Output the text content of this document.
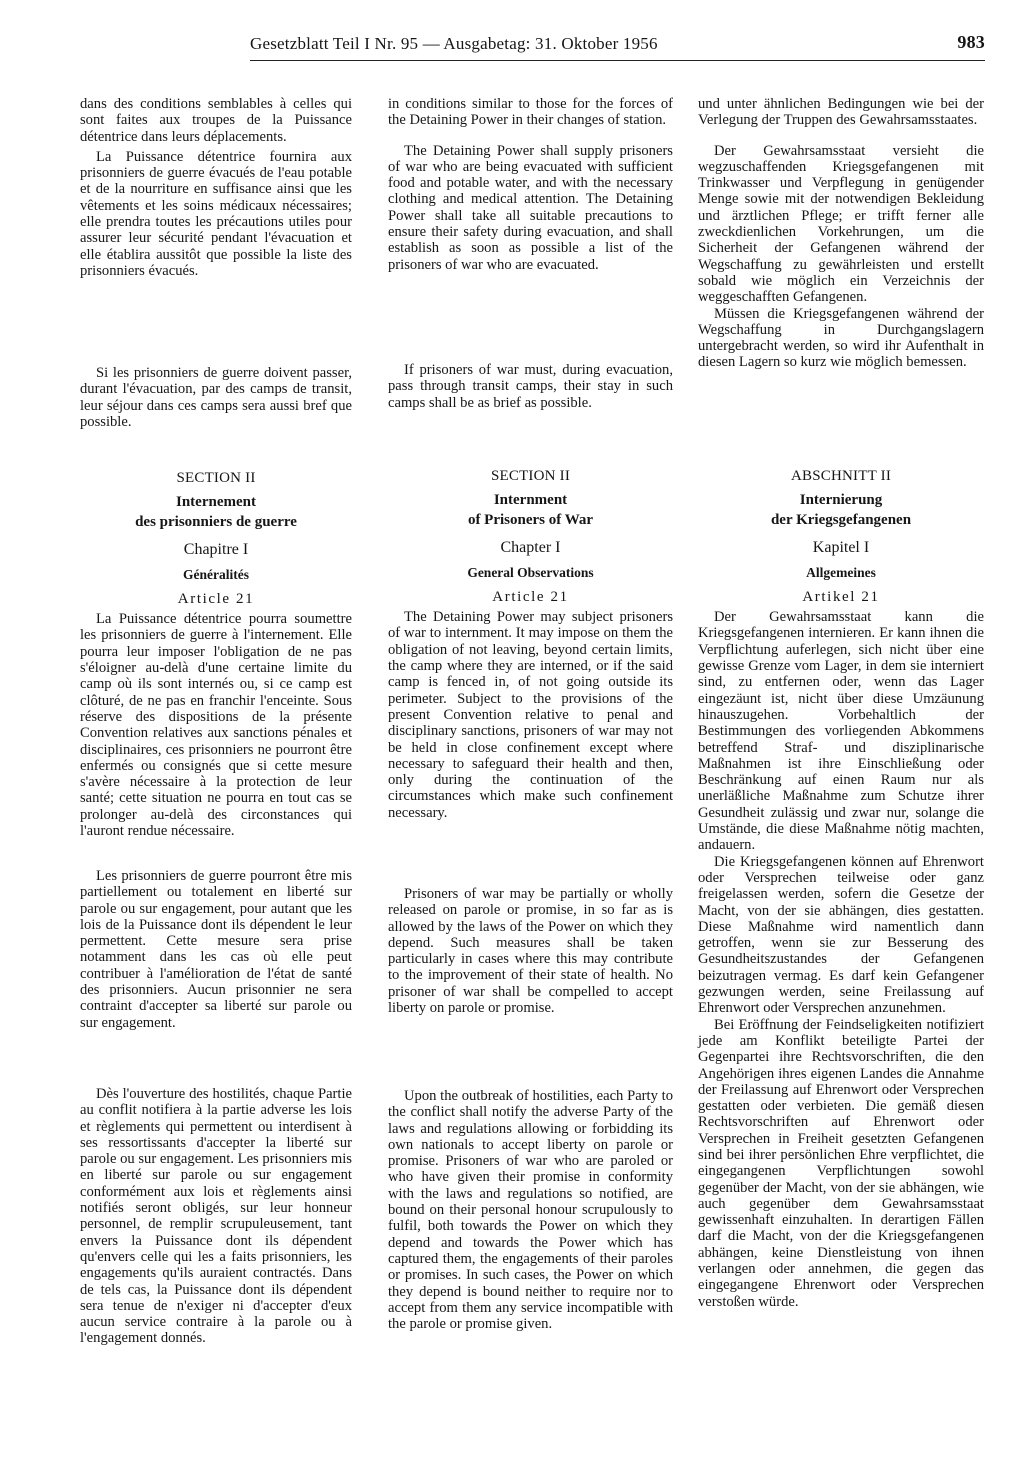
Gesetzblatt Teil I Nr. 95 — Ausgabetag: 31. Oktober 1956	983

dans des conditions semblables à celles qui sont faites aux troupes de la Puissance détentrice dans leurs déplacements.

La Puissance détentrice fournira aux prisonniers de guerre évacués de l'eau potable et de la nourriture en suffisance ainsi que les vêtements et les soins médicaux nécessaires; elle prendra toutes les précautions utiles pour assurer leur sécurité pendant l'évacuation et elle établira aussitôt que possible la liste des prisonniers évacués.

Si les prisonniers de guerre doivent passer, durant l'évacuation, par des camps de transit, leur séjour dans ces camps sera aussi bref que possible.

SECTION II
Internement
des prisonniers de guerre
Chapitre I
Généralités
Article 21

La Puissance détentrice pourra soumettre les prisonniers de guerre à l'internement. Elle pourra leur imposer l'obligation de ne pas s'éloigner au-delà d'une certaine limite du camp où ils sont internés ou, si ce camp est clôturé, de ne pas en franchir l'enceinte. Sous réserve des dispositions de la présente Convention relatives aux sanctions pénales et disciplinaires, ces prisonniers ne pourront être enfermés ou consignés que si cette mesure s'avère nécessaire à la protection de leur santé; cette situation ne pourra en tout cas se prolonger au-delà des circonstances qui l'auront rendue nécessaire.

Les prisonniers de guerre pourront être mis partiellement ou totalement en liberté sur parole ou sur engagement, pour autant que les lois de la Puissance dont ils dépendent le leur permettent. Cette mesure sera prise notamment dans les cas où elle peut contribuer à l'amélioration de l'état de santé des prisonniers. Aucun prisonnier ne sera contraint d'accepter sa liberté sur parole ou sur engagement.

Dès l'ouverture des hostilités, chaque Partie au conflit notifiera à la partie adverse les lois et règlements qui permettent ou interdisent à ses ressortissants d'accepter la liberté sur parole ou sur engagement. Les prisonniers mis en liberté sur parole ou sur engagement conformément aux lois et règlements ainsi notifiés seront obligés, sur leur honneur personnel, de remplir scrupuleusement, tant envers la Puissance dont ils dépendent qu'envers celle qui les a faits prisonniers, les engagements qu'ils auraient contractés. Dans de tels cas, la Puissance dont ils dépendent sera tenue de n'exiger ni d'accepter d'eux aucun service contraire à la parole ou à l'engagement donnés.

in conditions similar to those for the forces of the Detaining Power in their changes of station.

The Detaining Power shall supply prisoners of war who are being evacuated with sufficient food and potable water, and with the necessary clothing and medical attention. The Detaining Power shall take all suitable precautions to ensure their safety during evacuation, and shall establish as soon as possible a list of the prisoners of war who are evacuated.

If prisoners of war must, during evacuation, pass through transit camps, their stay in such camps shall be as brief as possible.

SECTION II
Internment
of Prisoners of War
Chapter I
General Observations
Article 21

The Detaining Power may subject prisoners of war to internment. It may impose on them the obligation of not leaving, beyond certain limits, the camp where they are interned, or if the said camp is fenced in, of not going outside its perimeter. Subject to the provisions of the present Convention relative to penal and disciplinary sanctions, prisoners of war may not be held in close confinement except where necessary to safeguard their health and then, only during the continuation of the circumstances which make such confinement necessary.

Prisoners of war may be partially or wholly released on parole or promise, in so far as is allowed by the laws of the Power on which they depend. Such measures shall be taken particularly in cases where this may contribute to the improvement of their state of health. No prisoner of war shall be compelled to accept liberty on parole or promise.

Upon the outbreak of hostilities, each Party to the conflict shall notify the adverse Party of the laws and regulations allowing or forbidding its own nationals to accept liberty on parole or promise. Prisoners of war who are paroled or who have given their promise in conformity with the laws and regulations so notified, are bound on their personal honour scrupulously to fulfil, both towards the Power on which they depend and towards the Power which has captured them, the engagements of their paroles or promises. In such cases, the Power on which they depend is bound neither to require nor to accept from them any service incompatible with the parole or promise given.

und unter ähnlichen Bedingungen wie bei der Verlegung der Truppen des Gewahrsamsstaates.

Der Gewahrsamsstaat versieht die wegzuschaffenden Kriegsgefangenen mit Trinkwasser und Verpflegung in genügender Menge sowie mit der notwendigen Bekleidung und ärztlichen Pflege; er trifft ferner alle zweckdienlichen Vorkehrungen, um die Sicherheit der Gefangenen während der Wegschaffung zu gewährleisten und erstellt sobald wie möglich ein Verzeichnis der weggeschafften Gefangenen.

Müssen die Kriegsgefangenen während der Wegschaffung in Durchgangslagern untergebracht werden, so wird ihr Aufenthalt in diesen Lagern so kurz wie möglich bemessen.

ABSCHNITT II
Internierung
der Kriegsgefangenen
Kapitel I
Allgemeines
Artikel 21

Der Gewahrsamsstaat kann die Kriegsgefangenen internieren. Er kann ihnen die Verpflichtung auferlegen, sich nicht über eine gewisse Grenze vom Lager, in dem sie interniert sind, zu entfernen oder, wenn das Lager eingezäunt ist, nicht über diese Umzäunung hinauszugehen. Vorbehaltlich der Bestimmungen des vorliegenden Abkommens betreffend Straf- und disziplinarische Maßnahmen ist ihre Einschließung oder Beschränkung auf einen Raum nur als unerläßliche Maßnahme zum Schutze ihrer Gesundheit zulässig und zwar nur, solange die Umstände, die diese Maßnahme nötig machten, andauern.

Die Kriegsgefangenen können auf Ehrenwort oder Versprechen teilweise oder ganz freigelassen werden, sofern die Gesetze der Macht, von der sie abhängen, dies gestatten. Diese Maßnahme wird namentlich dann getroffen, wenn sie zur Besserung des Gesundheitszustandes der Gefangenen beizutragen vermag. Es darf kein Gefangener gezwungen werden, seine Freilassung auf Ehrenwort oder Versprechen anzunehmen.

Bei Eröffnung der Feindseligkeiten notifiziert jede am Konflikt beteiligte Partei der Gegenpartei ihre Rechtsvorschriften, die den Angehörigen ihres eigenen Landes die Annahme der Freilassung auf Ehrenwort oder Versprechen gestatten oder verbieten. Die gemäß diesen Rechtsvorschriften auf Ehrenwort oder Versprechen in Freiheit gesetzten Gefangenen sind bei ihrer persönlichen Ehre verpflichtet, die eingegangenen Verpflichtungen sowohl gegenüber der Macht, von der sie abhängen, wie auch gegenüber dem Gewahrsamsstaat gewissenhaft einzuhalten. In derartigen Fällen darf die Macht, von der die Kriegsgefangenen abhängen, keine Dienstleistung von ihnen verlangen oder annehmen, die gegen das eingegangene Ehrenwort oder Versprechen verstoßen würde.
